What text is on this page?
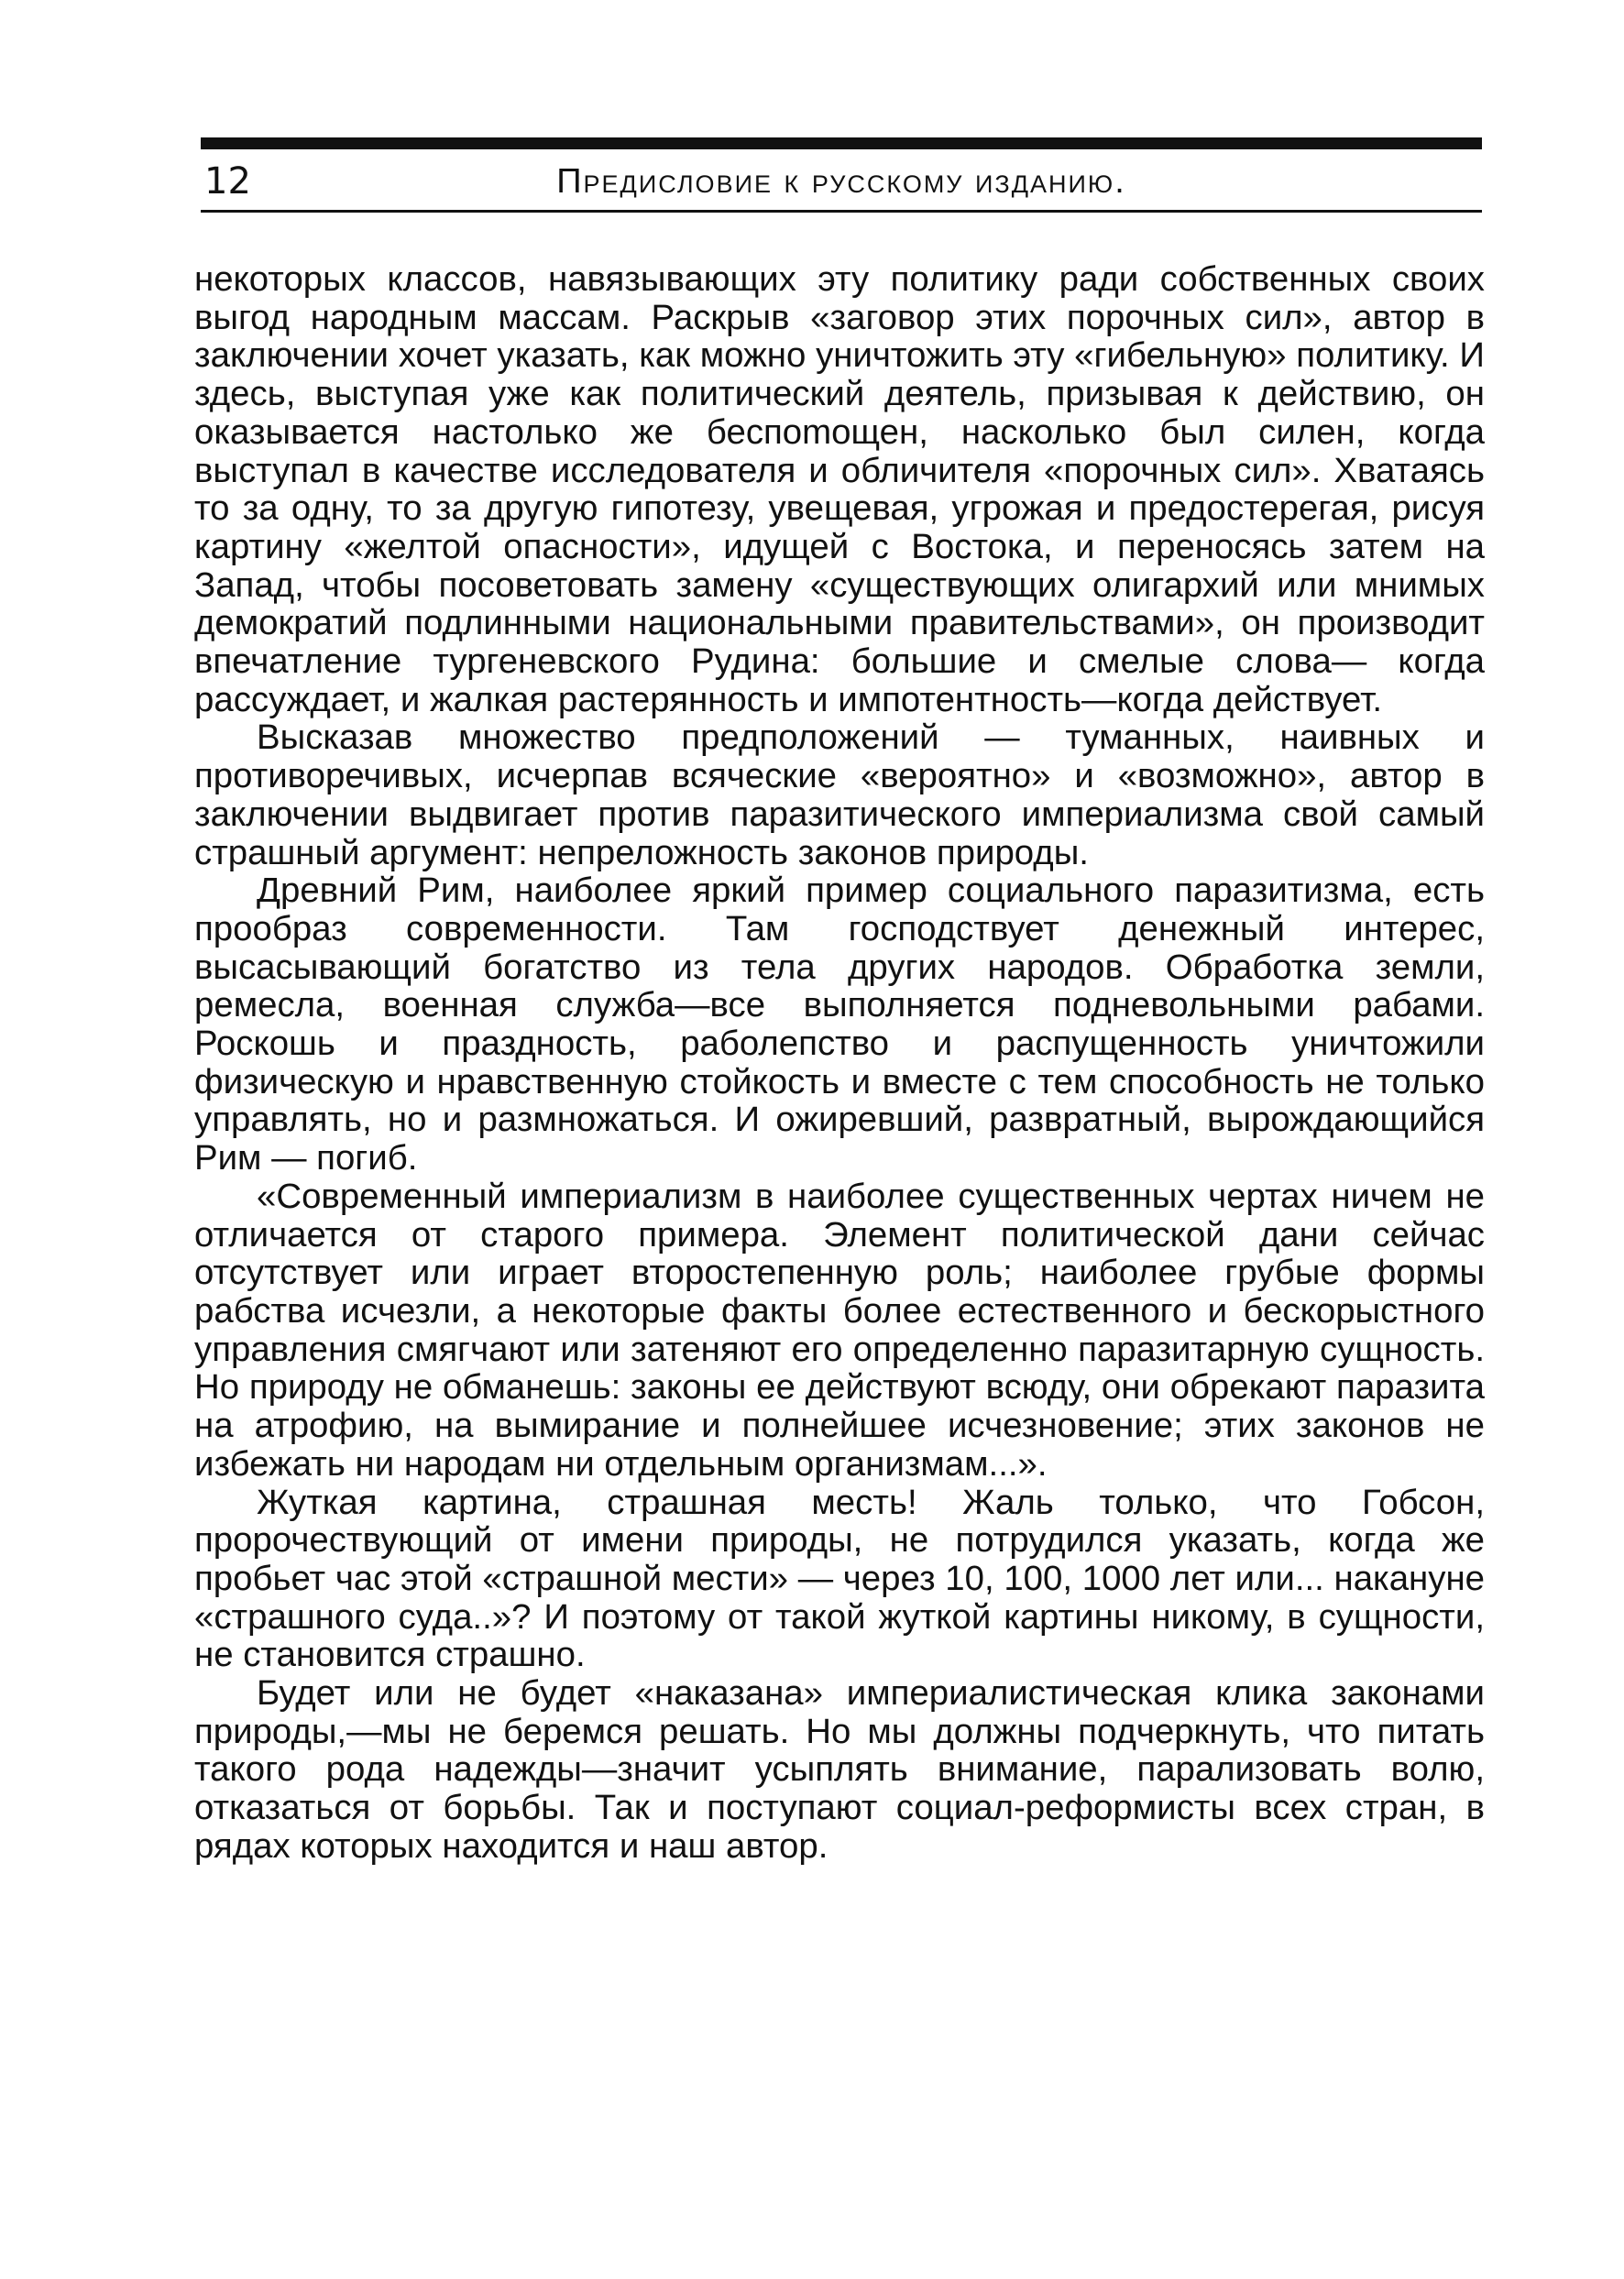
12	Предисловие к русскому изданию.

некоторых классов, навязывающих эту политику ради собственных своих выгод народным массам. Раскрыв «заговор этих порочных сил», автор в заключении хочет указать, как можно уничтожить эту «гибельную» политику. И здесь, выступая уже как политический деятель, призывая к действию, он оказывается настолько же беспоmощен, насколько был силен, когда выступал в качестве исследователя и обличителя «порочных сил». Хватаясь то за одну, то за другую гипотезу, увещевая, угрожая и предостерегая, рисуя картину «желтой опасности», идущей с Востока, и переносясь затем на Запад, чтобы посоветовать замену «существующих олигархий или мнимых демократий подлинными национальными правительствами», он производит впечатление тургеневского Рудина: большие и смелые слова— когда рассуждает, и жалкая растерянность и импотентность—когда действует.

Высказав множество предположений — туманных, наивных и противоречивых, исчерпав всяческие «вероятно» и «возможно», автор в заключении выдвигает против паразитического империализма свой самый страшный аргумент: непреложность законов природы.

Древний Рим, наиболее яркий пример социального паразитизма, есть прообраз современности. Там господствует денежный интерес, высасывающий богатство из тела других народов. Обработка земли, ремесла, военная служба—все выполняется подневольными рабами. Роскошь и праздность, раболепство и распущенность уничтожили физическую и нравственную стойкость и вместе с тем способность не только управлять, но и размножаться. И ожиревший, развратный, вырождающийся Рим — погиб.

«Современный империализм в наиболее существенных чертах ничем не отличается от старого примера. Элемент политической дани сейчас отсутствует или играет второстепенную роль; наиболее грубые формы рабства исчезли, а некоторые факты более естественного и бескорыстного управления смягчают или затеняют его определенно паразитарную сущность. Но природу не обманешь: законы ее действуют всюду, они обрекают паразита на атрофию, на вымирание и полнейшее исчезновение; этих законов не избежать ни народам ни отдельным организмам...».

Жуткая картина, страшная месть! Жаль только, что Гобсон, пророчествующий от имени природы, не потрудился указать, когда же пробьет час этой «страшной мести» — через 10, 100, 1000 лет или... накануне «страшного суда..»? И поэтому от такой жуткой картины никому, в сущности, не становится страшно.

Будет или не будет «наказана» империалистическая клика законами природы,—мы не беремся решать. Но мы должны подчеркнуть, что питать такого рода надежды—значит усыплять внимание, парализовать волю, отказаться от борьбы. Так и поступают социал-реформисты всех стран, в рядах которых находится и наш автор.
